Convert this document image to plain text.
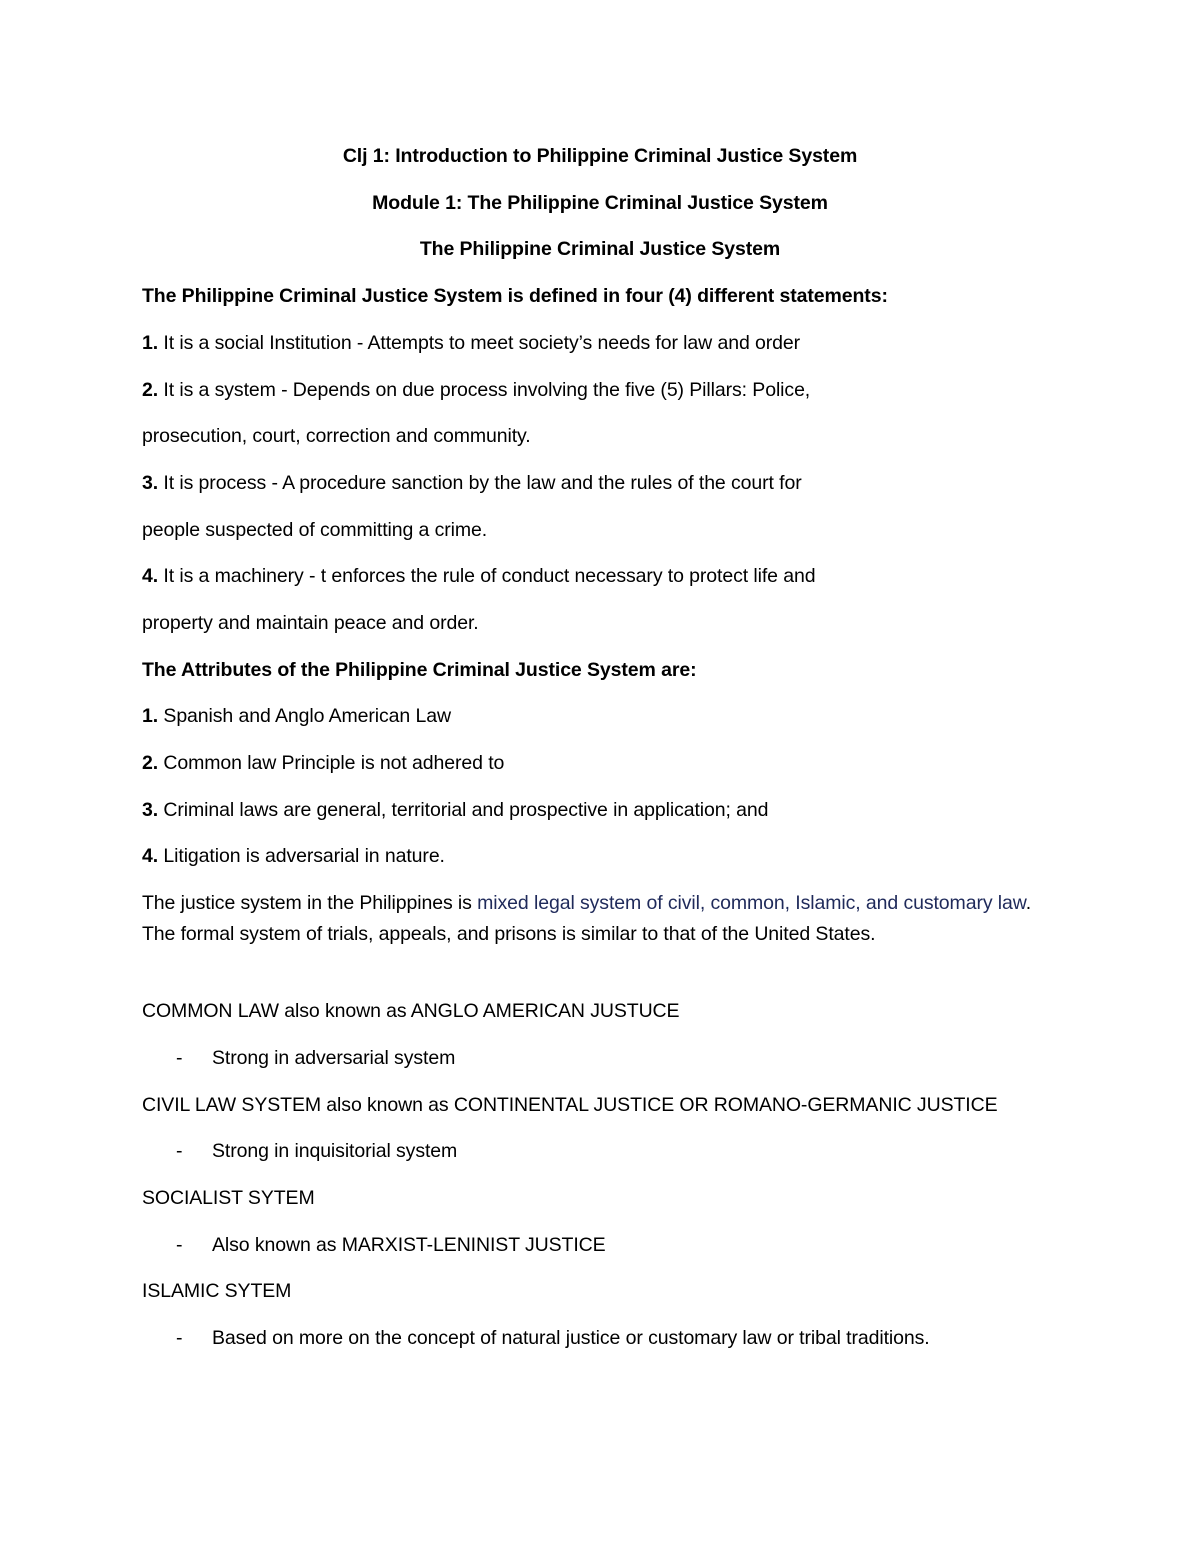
Clj 1: Introduction to Philippine Criminal Justice System
Module 1: The Philippine Criminal Justice System
The Philippine Criminal Justice System
The Philippine Criminal Justice System is defined in four (4) different statements:
1. It is a social Institution - Attempts to meet society’s needs for law and order
2. It is a system - Depends on due process involving the five (5) Pillars: Police,
prosecution, court, correction and community.
3. It is process - A procedure sanction by the law and the rules of the court for
people suspected of committing a crime.
4. It is a machinery - t enforces the rule of conduct necessary to protect life and
property and maintain peace and order.
The Attributes of the Philippine Criminal Justice System are:
1. Spanish and Anglo American Law
2. Common law Principle is not adhered to
3. Criminal laws are general, territorial and prospective in application; and
4. Litigation is adversarial in nature.
The justice system in the Philippines is mixed legal system of civil, common, Islamic, and customary law. The formal system of trials, appeals, and prisons is similar to that of the United States.
COMMON LAW also known as ANGLO AMERICAN JUSTUCE
- Strong in adversarial system
CIVIL LAW SYSTEM also known as CONTINENTAL JUSTICE OR ROMANO-GERMANIC JUSTICE
- Strong in inquisitorial system
SOCIALIST SYTEM
- Also known as MARXIST-LENINIST JUSTICE
ISLAMIC SYTEM
- Based on more on the concept of natural justice or customary law or tribal traditions.
